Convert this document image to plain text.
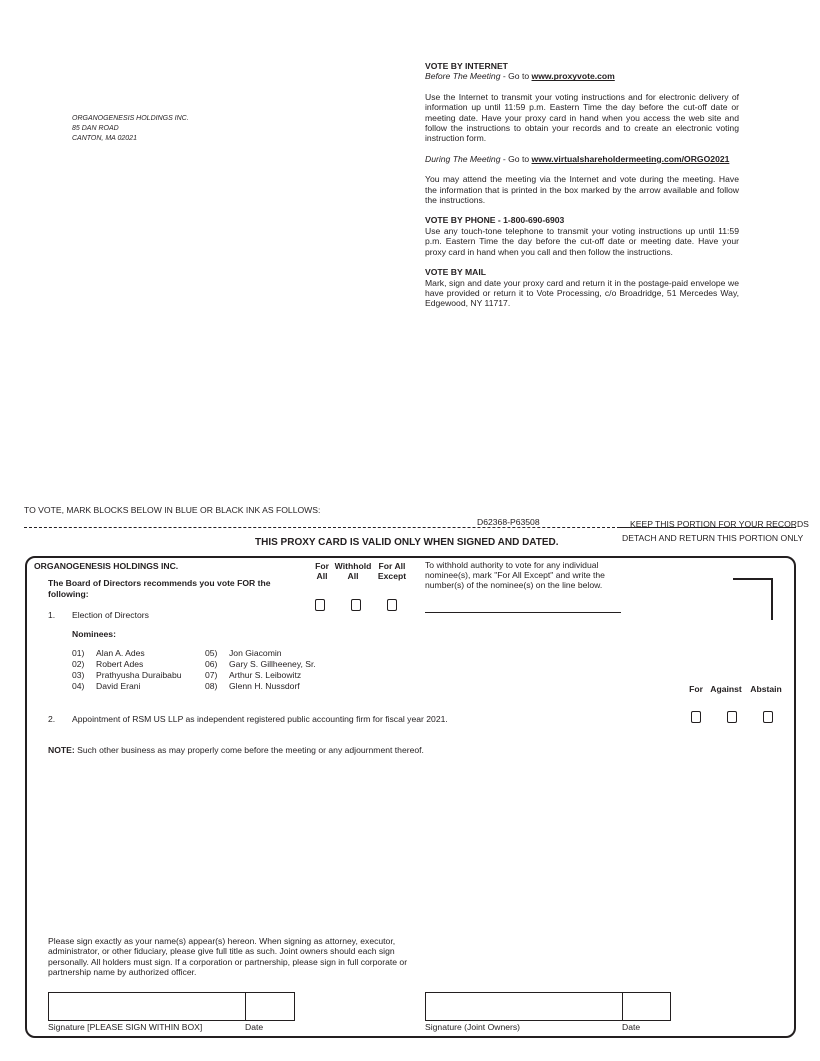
ORGANOGENESIS HOLDINGS INC.
85 DAN ROAD
CANTON, MA 02021
VOTE BY INTERNET

Before The Meeting - Go to www.proxyvote.com

Use the Internet to transmit your voting instructions and for electronic delivery of information up until 11:59 p.m. Eastern Time the day before the cut-off date or meeting date. Have your proxy card in hand when you access the web site and follow the instructions to obtain your records and to create an electronic voting instruction form.

During The Meeting - Go to www.virtualshareholdermeeting.com/ORGO2021

You may attend the meeting via the Internet and vote during the meeting. Have the information that is printed in the box marked by the arrow available and follow the instructions.

VOTE BY PHONE - 1-800-690-6903

Use any touch-tone telephone to transmit your voting instructions up until 11:59 p.m. Eastern Time the day before the cut-off date or meeting date. Have your proxy card in hand when you call and then follow the instructions.

VOTE BY MAIL

Mark, sign and date your proxy card and return it in the postage-paid envelope we have provided or return it to Vote Processing, c/o Broadridge, 51 Mercedes Way, Edgewood, NY 11717.

TO VOTE, MARK BLOCKS BELOW IN BLUE OR BLACK INK AS FOLLOWS:
D62368-P63508	KEEP THIS PORTION FOR YOUR RECORDS
DETACH AND RETURN THIS PORTION ONLY
THIS PROXY CARD IS VALID ONLY WHEN SIGNED AND DATED.
ORGANOGENESIS HOLDINGS INC.
The Board of Directors recommends you vote FOR the following:
For
All
Withhold
All
For All
Except
To withhold authority to vote for any individual nominee(s), mark "For All Except" and write the number(s) of the nominee(s) on the line below.
1. Election of Directors
Nominees:
01) Alan A. Ades
02) Robert Ades
03) Prathyusha Duraibabu
04) David Erani
05) Jon Giacomin
06) Gary S. Gillheeney, Sr.
07) Arthur S. Leibowitz
08) Glenn H. Nussdorf	For Against Abstain
2. Appointment of RSM US LLP as independent registered public accounting firm for fiscal year 2021.
NOTE: Such other business as may properly come before the meeting or any adjournment thereof.
Please sign exactly as your name(s) appear(s) hereon. When signing as attorney, executor, administrator, or other fiduciary, please give full title as such. Joint owners should each sign personally. All holders must sign. If a corporation or partnership, please sign in full corporate or partnership name by authorized officer.
Signature [PLEASE SIGN WITHIN BOX]	Date	Signature (Joint Owners)	Date
